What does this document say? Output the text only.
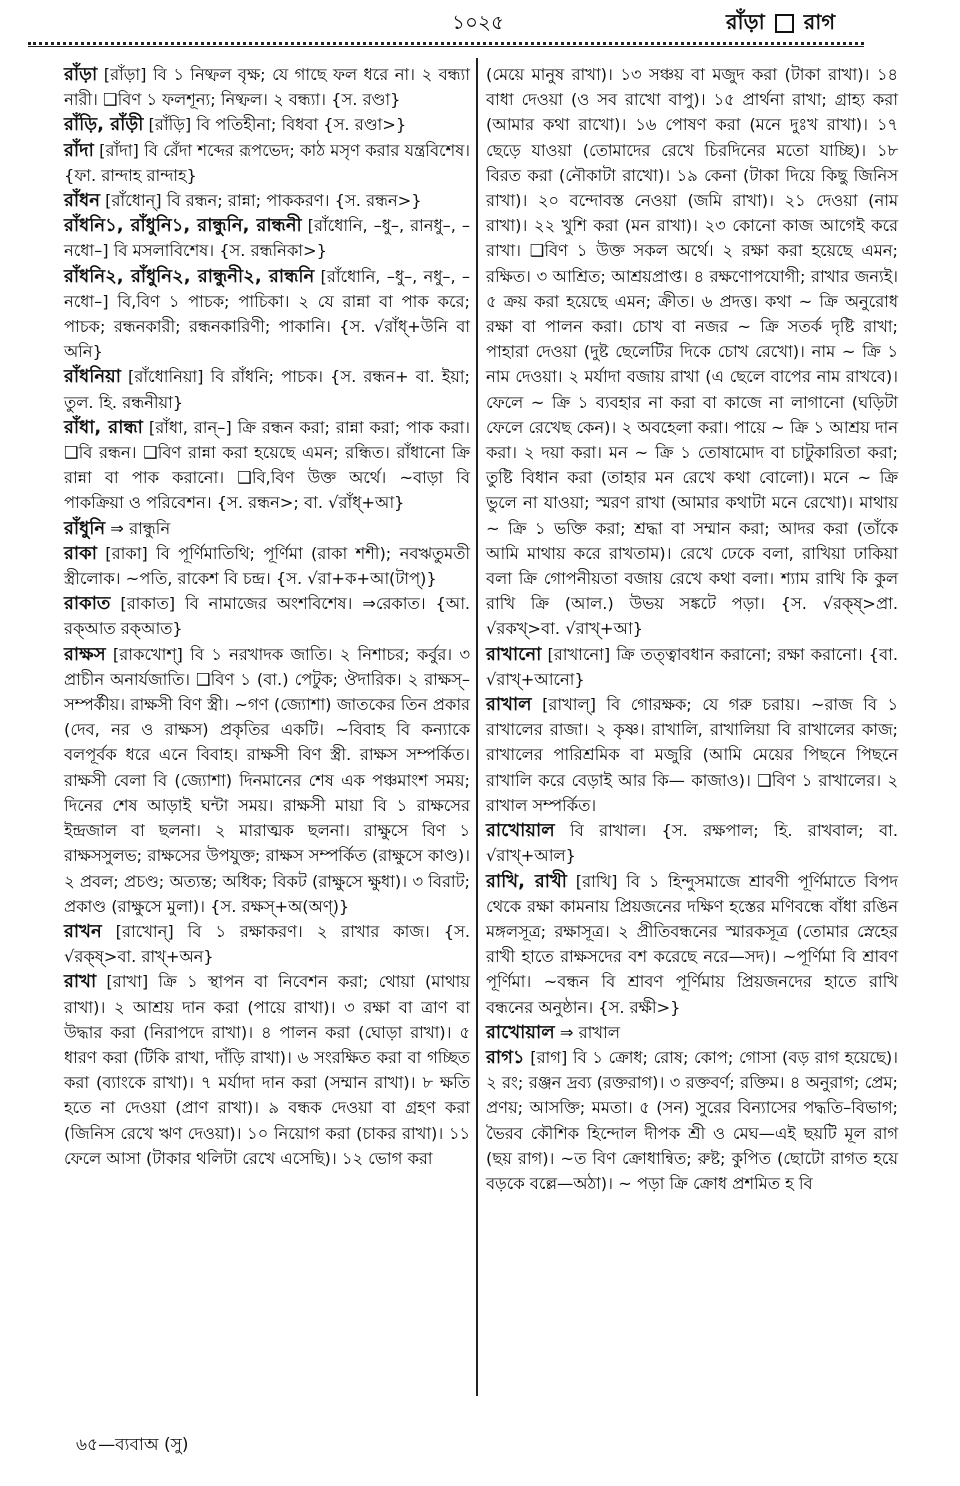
১০২৫	রাঁড়া রাগ

রাঁড়া [রাঁড়া] বি ১ নিষ্ফল বৃক্ষ; যে গাছে ফল ধরে না। ২ বন্ধ্যা নারী। ❑বিণ ১ ফলশূন্য; নিষ্ফল। ২ বন্ধ্যা। {স. রণ্ডা}

রাঁড়ি, রাঁড়ী [রাঁড়ি] বি পতিহীনা; বিধবা {স. রণ্ডা>}

রাঁদা [রাঁদা] বি রেঁদা শব্দের রূপভেদ; কাঠ মসৃণ করার যন্ত্রবিশেষ। {ফা. রান্দাহ রান্দাহ}

রাঁধন [রাঁধোন্] বি রন্ধন; রান্না; পাককরণ। {স. রন্ধন>}

রাঁধনি১, রাঁধুনি১, রান্ধুনি, রান্ধনী [রাঁধোনি, –ধু–, রানধু–, –নধো–] বি মসলাবিশেষ। {স. রন্ধনিকা>}

রাঁধনি২, রাঁধুনি২, রান্ধুনী২, রান্ধনি [রাঁধোনি, –ধু–, নধু–, –নধো–] বি,বিণ ১ পাচক; পাচিকা। ২ যে রান্না বা পাক করে; পাচক; রন্ধনকারী; রন্ধনকারিণী; পাকানি। {স. √রাঁধ্+উনি বা অনি}

রাঁধনিয়া [রাঁধোনিয়া] বি রাঁধনি; পাচক। {স. রন্ধন+ বা. ইয়া; তুল. হি. রন্ধনীয়া}

রাঁধা, রান্ধা [রাঁধা, রান্–] ক্রি রন্ধন করা; রান্না করা; পাক করা। ❑বি রন্ধন। ❑বিণ রান্না করা হয়েছে এমন; রন্ধিত। রাঁধানো ক্রি রান্না বা পাক করানো। ❑বি,বিণ উক্ত অর্থে। ~বাড়া বি পাকক্রিয়া ও পরিবেশন। {স. রন্ধন>; বা. √রাঁধ্+আ}

রাঁধুনি ⇒ রান্ধুনি

রাকা [রাকা] বি পূর্ণিমাতিথি; পূর্ণিমা (রাকা শশী); নবঋতুমতী স্ত্রীলোক। ~পতি, রাকেশ বি চন্দ্র। {স. √রা+ক+আ(টাপ্)}

রাকাত [রাকাত] বি নামাজের অংশবিশেষ। ⇒রেকাত। {আ. রক্আত রক্আত}

রাক্ষস [রাকখোশ্] বি ১ নরখাদক জাতি। ২ নিশাচর; কর্বুর। ৩ প্রাচীন অনার্যজাতি। ❑বিণ ১ (বা.) পেটুক; ঔদারিক। ২ রাক্ষস্–সম্পর্কীয়। রাক্ষসী বিণ স্ত্রী। ~গণ (জ্যোশা) জাতকের তিন প্রকার (দেব, নর ও রাক্ষস) প্রকৃতির একটি। ~বিবাহ বি কন্যাকে বলপূর্বক ধরে এনে বিবাহ। রাক্ষসী বিণ স্ত্রী. রাক্ষস সম্পর্কিত। রাক্ষসী বেলা বি (জ্যোশা) দিনমানের শেষ এক পঞ্চমাংশ সময়; দিনের শেষ আড়াই ঘন্টা সময়। রাক্ষসী মায়া বি ১ রাক্ষসের ইন্দ্রজাল বা ছলনা। ২ মারাত্মক ছলনা। রাক্ষুসে বিণ ১ রাক্ষসসুলভ; রাক্ষসের উপযুক্ত; রাক্ষস সম্পর্কিত (রাক্ষুসে কাণ্ড)। ২ প্রবল; প্রচণ্ড; অত্যন্ত; অধিক; বিকট (রাক্ষুসে ক্ষুধা)। ৩ বিরাট; প্রকাণ্ড (রাক্ষুসে মুলা)। {স. রক্ষস্+অ(অণ্)}

রাখন [রাখোন্] বি ১ রক্ষাকরণ। ২ রাখার কাজ। {স. √রক্ষ্>বা. রাখ্+অন}

রাখা [রাখা] ক্রি ১ স্থাপন বা নিবেশন করা; থোয়া (মাথায় রাখা)। ২ আশ্রয় দান করা (পায়ে রাখা)। ৩ রক্ষা বা ত্রাণ বা উদ্ধার করা (নিরাপদে রাখা)। ৪ পালন করা (ঘোড়া রাখা)। ৫ ধারণ করা (টিকি রাখা, দাঁড়ি রাখা)। ৬ সংরক্ষিত করা বা গচ্ছিত করা (ব্যাংকে রাখা)। ৭ মর্যাদা দান করা (সম্মান রাখা)। ৮ ক্ষতি হতে না দেওয়া (প্রাণ রাখা)। ৯ বন্ধক দেওয়া বা গ্রহণ করা (জিনিস রেখে ঋণ দেওয়া)। ১০ নিয়োগ করা (চাকর রাখা)। ১১ ফেলে আসা (টাকার থলিটা রেখে এসেছি)। ১২ ভোগ করা

(মেয়ে মানুষ রাখা)। ১৩ সঞ্চয় বা মজুদ করা (টাকা রাখা)। ১৪ বাধা দেওয়া (ও সব রাখো বাপু)। ১৫ প্রার্থনা রাখা; গ্রাহ্য করা (আমার কথা রাখো)। ১৬ পোষণ করা (মনে দুঃখ রাখা)। ১৭ ছেড়ে যাওয়া (তোমাদের রেখে চিরদিনের মতো যাচ্ছি)। ১৮ বিরত করা (নৌকাটা রাখো)। ১৯ কেনা (টাকা দিয়ে কিছু জিনিস রাখা)। ২০ বন্দোবস্ত নেওয়া (জমি রাখা)। ২১ দেওয়া (নাম রাখা)। ২২ খুশি করা (মন রাখা)। ২৩ কোনো কাজ আগেই করে রাখা। ❑বিণ ১ উক্ত সকল অর্থে। ২ রক্ষা করা হয়েছে এমন; রক্ষিত। ৩ আশ্রিত; আশ্রয়প্রাপ্ত। ৪ রক্ষণোপযোগী; রাখার জন্যই। ৫ ক্রয় করা হয়েছে এমন; ক্রীত। ৬ প্রদত্ত। কথা ~ ক্রি অনুরোধ রক্ষা বা পালন করা। চোখ বা নজর ~ ক্রি সতর্ক দৃষ্টি রাখা; পাহারা দেওয়া (দুষ্ট ছেলেটির দিকে চোখ রেখো)। নাম ~ ক্রি ১ নাম দেওয়া। ২ মর্যাদা বজায় রাখা (এ ছেলে বাপের নাম রাখবে)। ফেলে ~ ক্রি ১ ব্যবহার না করা বা কাজে না লাগানো (ঘড়িটা ফেলে রেখেছ কেন)। ২ অবহেলা করা। পায়ে ~ ক্রি ১ আশ্রয় দান করা। ২ দয়া করা। মন ~ ক্রি ১ তোষামোদ বা চাটুকারিতা করা; তুষ্টি বিধান করা (তাহার মন রেখে কথা বোলো)। মনে ~ ক্রি ভুলে না যাওয়া; স্মরণ রাখা (আমার কথাটা মনে রেখো)। মাথায় ~ ক্রি ১ ভক্তি করা; শ্রদ্ধা বা সম্মান করা; আদর করা (তাঁকে আমি মাথায় করে রাখতাম)। রেখে ঢেকে বলা, রাখিয়া ঢাকিয়া বলা ক্রি গোপনীয়তা বজায় রেখে কথা বলা। শ্যাম রাখি কি কুল রাখি ক্রি (আল.) উভয় সঙ্কটে পড়া। {স. √রক্ষ্>প্রা. √রকখ্>বা. √রাখ্+আ}

রাখানো [রাখানো] ক্রি তত্ত্বাবধান করানো; রক্ষা করানো। {বা. √রাখ্+আনো}

রাখাল [রাখাল্] বি গোরক্ষক; যে গরু চরায়। ~রাজ বি ১ রাখালের রাজা। ২ কৃষ্ণ। রাখালি, রাখালিয়া বি রাখালের কাজ; রাখালের পারিশ্রমিক বা মজুরি (আমি মেয়ের পিছনে পিছনে রাখালি করে বেড়াই আর কি— কাজাও)। ❑বিণ ১ রাখালের। ২ রাখাল সম্পর্কিত।

রাখোয়াল বি রাখাল। {স. রক্ষপাল; হি. রাখবাল; বা. √রাখ্+আল}

রাখি, রাখী [রাখি] বি ১ হিন্দুসমাজে শ্রাবণী পূর্ণিমাতে বিপদ থেকে রক্ষা কামনায় প্রিয়জনের দক্ষিণ হস্তের মণিবন্ধে বাঁধা রঙিন মঙ্গলসূত্র; রক্ষাসূত্র। ২ প্রীতিবন্ধনের স্মারকসূত্র (তোমার স্নেহের রাখী হাতে রাক্ষসদের বশ করেছে নরে—সদ)। ~পূর্ণিমা বি শ্রাবণ পূর্ণিমা। ~বন্ধন বি শ্রাবণ পূর্ণিমায় প্রিয়জনদের হাতে রাখি বন্ধনের অনুষ্ঠান। {স. রক্ষী>}

রাখোয়াল ⇒ রাখাল

রাগ১ [রাগ] বি ১ ক্রোধ; রোষ; কোপ; গোসা (বড় রাগ হয়েছে)। ২ রং; রঞ্জন দ্রব্য (রক্তরাগ)। ৩ রক্তবর্ণ; রক্তিম। ৪ অনুরাগ; প্রেম; প্রণয়; আসক্তি; মমতা। ৫ (সন) সুরের বিন্যাসের পদ্ধতি–বিভাগ; ভৈরব কৌশিক হিন্দোল দীপক শ্রী ও মেঘ—এই ছয়টি মূল রাগ (ছয় রাগ)। ~ত বিণ ক্রোধান্বিত; রুষ্ট; কুপিত (ছোটো রাগত হয়ে বড়কে বল্লে—অঠা)। ~ পড়া ক্রি ক্রোধ প্রশমিত হ বি

৬৫—ব্যবাঅ (সু)
